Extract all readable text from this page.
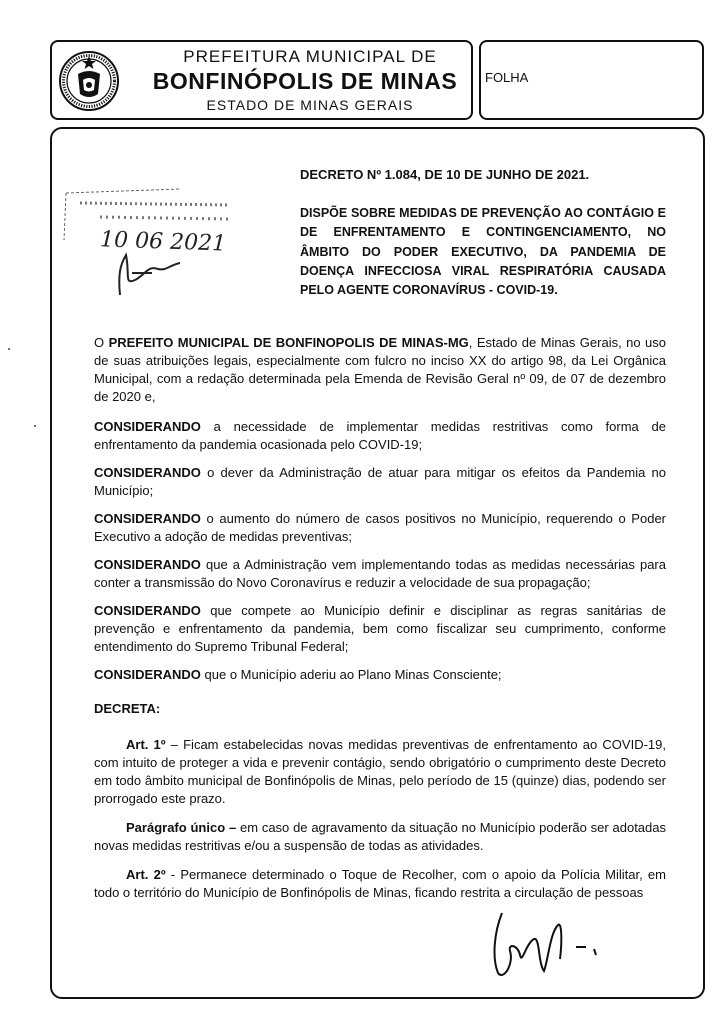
PREFEITURA MUNICIPAL DE
BONFINÓPOLIS DE MINAS
ESTADO DE MINAS GERAIS
FOLHA
10 06 2021
DECRETO Nº 1.084, DE 10 DE JUNHO DE 2021.
DISPÕE SOBRE MEDIDAS DE PREVENÇÃO AO CONTÁGIO E DE ENFRENTAMENTO E CONTINGENCIAMENTO, NO ÂMBITO DO PODER EXECUTIVO, DA PANDEMIA DE DOENÇA INFECCIOSA VIRAL RESPIRATÓRIA CAUSADA PELO AGENTE CORONAVÍRUS - COVID-19.

O PREFEITO MUNICIPAL DE BONFINOPOLIS DE MINAS-MG, Estado de Minas Gerais, no uso de suas atribuições legais, especialmente com fulcro no inciso XX do artigo 98, da Lei Orgânica Municipal, com a redação determinada pela Emenda de Revisão Geral nº 09, de 07 de dezembro de 2020 e,

CONSIDERANDO a necessidade de implementar medidas restritivas como forma de enfrentamento da pandemia ocasionada pelo COVID-19;

CONSIDERANDO o dever da Administração de atuar para mitigar os efeitos da Pandemia no Município;

CONSIDERANDO o aumento do número de casos positivos no Município, requerendo o Poder Executivo a adoção de medidas preventivas;

CONSIDERANDO que a Administração vem implementando todas as medidas necessárias para conter a transmissão do Novo Coronavírus e reduzir a velocidade de sua propagação;

CONSIDERANDO que compete ao Município definir e disciplinar as regras sanitárias de prevenção e enfrentamento da pandemia, bem como fiscalizar seu cumprimento, conforme entendimento do Supremo Tribunal Federal;

CONSIDERANDO que o Município aderiu ao Plano Minas Consciente;

DECRETA:

Art. 1º – Ficam estabelecidas novas medidas preventivas de enfrentamento ao COVID-19, com intuito de proteger a vida e prevenir contágio, sendo obrigatório o cumprimento deste Decreto em todo âmbito municipal de Bonfinópolis de Minas, pelo período de 15 (quinze) dias, podendo ser prorrogado este prazo.

Parágrafo único – em caso de agravamento da situação no Município poderão ser adotadas novas medidas restritivas e/ou a suspensão de todas as atividades.

Art. 2º - Permanece determinado o Toque de Recolher, com o apoio da Polícia Militar, em todo o território do Município de Bonfinópolis de Minas, ficando restrita a circulação de pessoas
